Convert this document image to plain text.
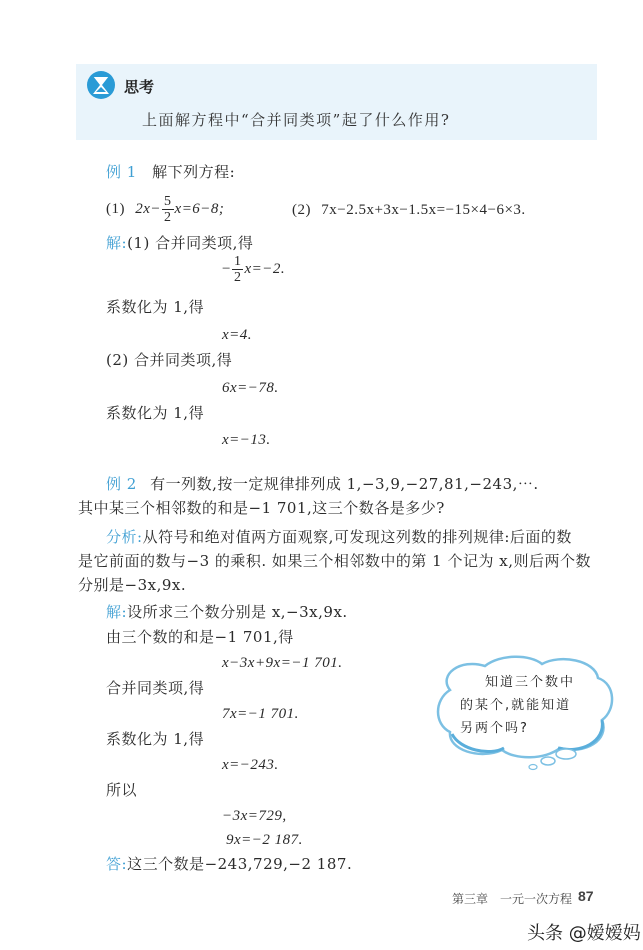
思考
上面解方程中“合并同类项”起了什么作用?
例 1 解下列方程:
(1) $2x- \frac{5}{2} x=6-8$;	(2) 7x−2.5x+3x−1.5x=−15×4−6×3.
解:(1) 合并同类项,得
− $\frac{1}{2} x=-2$.
系数化为 1,得
x=4.
(2) 合并同类项,得
6x=−78.
系数化为 1,得
x=−13.
例 2 有一列数,按一定规律排列成 1,−3,9,−27,81,−243,⋯.
其中某三个相邻数的和是−1 701,这三个数各是多少?
分析:从符号和绝对值两方面观察,可发现这列数的排列规律:后面的数
是它前面的数与−3 的乘积. 如果三个相邻数中的第 1 个记为 x,则后两个数
分别是−3x,9x.
解:设所求三个数分别是 x,−3x,9x.
由三个数的和是−1 701,得
x−3x+9x=−1 701.
合并同类项,得
7x=−1 701.
系数化为 1,得
x=−243.
所以
−3x=729,
9x=−2 187.
答:这三个数是−243,729,−2 187.
知道三个数中
的某个,就能知道
另两个吗?
第三章　一元一次方程 87
头条 @嫒嫒妈
